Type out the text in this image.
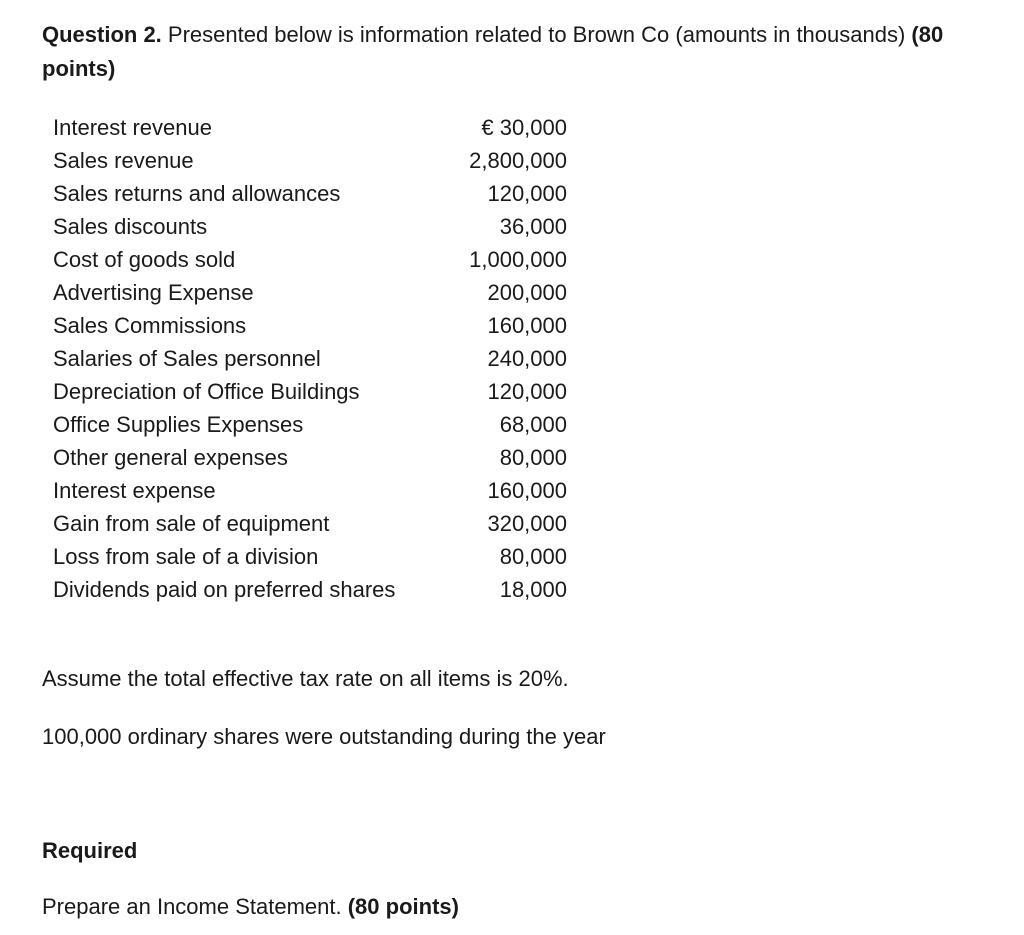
Question 2. Presented below is information related to Brown Co (amounts in thousands) (80 points)
Interest revenue	€ 30,000
Sales revenue	2,800,000
Sales returns and allowances	120,000
Sales discounts	36,000
Cost of goods sold	1,000,000
Advertising Expense	200,000
Sales Commissions	160,000
Salaries of Sales personnel	240,000
Depreciation of Office Buildings	120,000
Office Supplies Expenses	68,000
Other general expenses	80,000
Interest expense	160,000
Gain from sale of equipment	320,000
Loss from sale of a division	80,000
Dividends paid on preferred shares	18,000
Assume the total effective tax rate on all items is 20%.
100,000 ordinary shares were outstanding during the year
Required
Prepare an Income Statement. (80 points)
